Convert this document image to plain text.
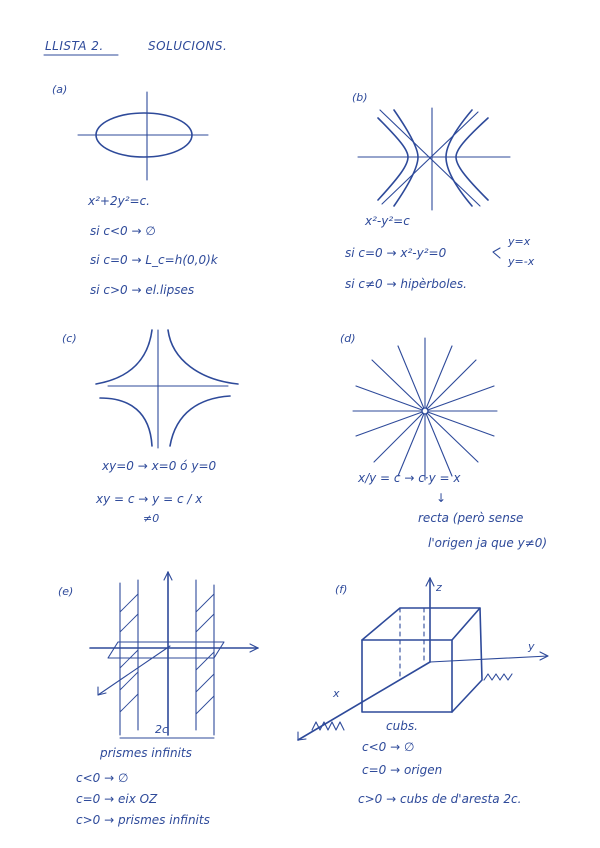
LLISTA 2.	SOLUCIONS.
(a)
x²+2y²=c.
si c<0 → ∅
si c=0 → L_c=h(0,0)k
si c>0 → el.lipses
(b)
x²-y²=c
si c=0 → x²-y²=0
y=x
y=-x
si c≠0 → hipèrboles.
(c)
xy=0 → x=0 ó y=0
xy = c → y = c / x
≠0
(d)
x/y = c → c·y = x
↓
recta (però sense
l'origen ja que y≠0)
(e)
2c
prismes infinits
c<0 → ∅
c=0 → eix OZ
c>0 → prismes infinits
(f)	z
y
x
cubs.
c<0 → ∅
c=0 → origen
c>0 → cubs de d'aresta 2c.
